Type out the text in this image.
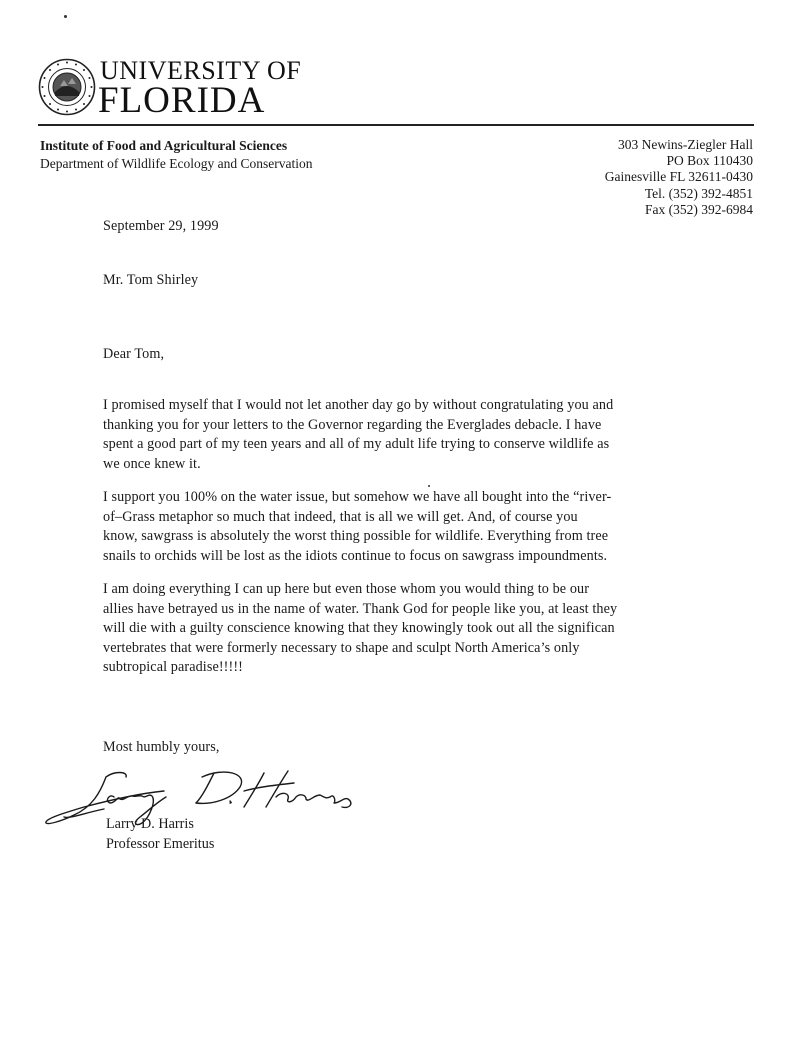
UNIVERSITY OF
FLORIDA
Institute of Food and Agricultural Sciences
Department of Wildlife Ecology and Conservation
303 Newins-Ziegler Hall
PO Box 110430
Gainesville FL 32611-0430
Tel. (352) 392-4851
Fax (352) 392-6984
September 29, 1999
Mr. Tom Shirley
Dear Tom,
I promised myself that I would not let another day go by without congratulating you and
thanking you for your letters to the Governor regarding the Everglades debacle. I have
spent a good part of my teen years and all of my adult life trying to conserve wildlife as
we once knew it.
I support you 100% on the water issue, but somehow we have all bought into the “river-
of–Grass metaphor so much that indeed, that is all we will get. And, of course you
know, sawgrass is absolutely the worst thing possible for wildlife. Everything from tree
snails to orchids will be lost as the idiots continue to focus on sawgrass impoundments.
I am doing everything I can up here but even those whom you would thing to be our
allies have betrayed us in the name of water. Thank God for people like you, at least they
will die with a guilty conscience knowing that they knowingly took out all the significan
vertebrates that were formerly necessary to shape and sculpt North America’s only
subtropical paradise!!!!!
Most humbly yours,
Larry D. Harris
Professor Emeritus
